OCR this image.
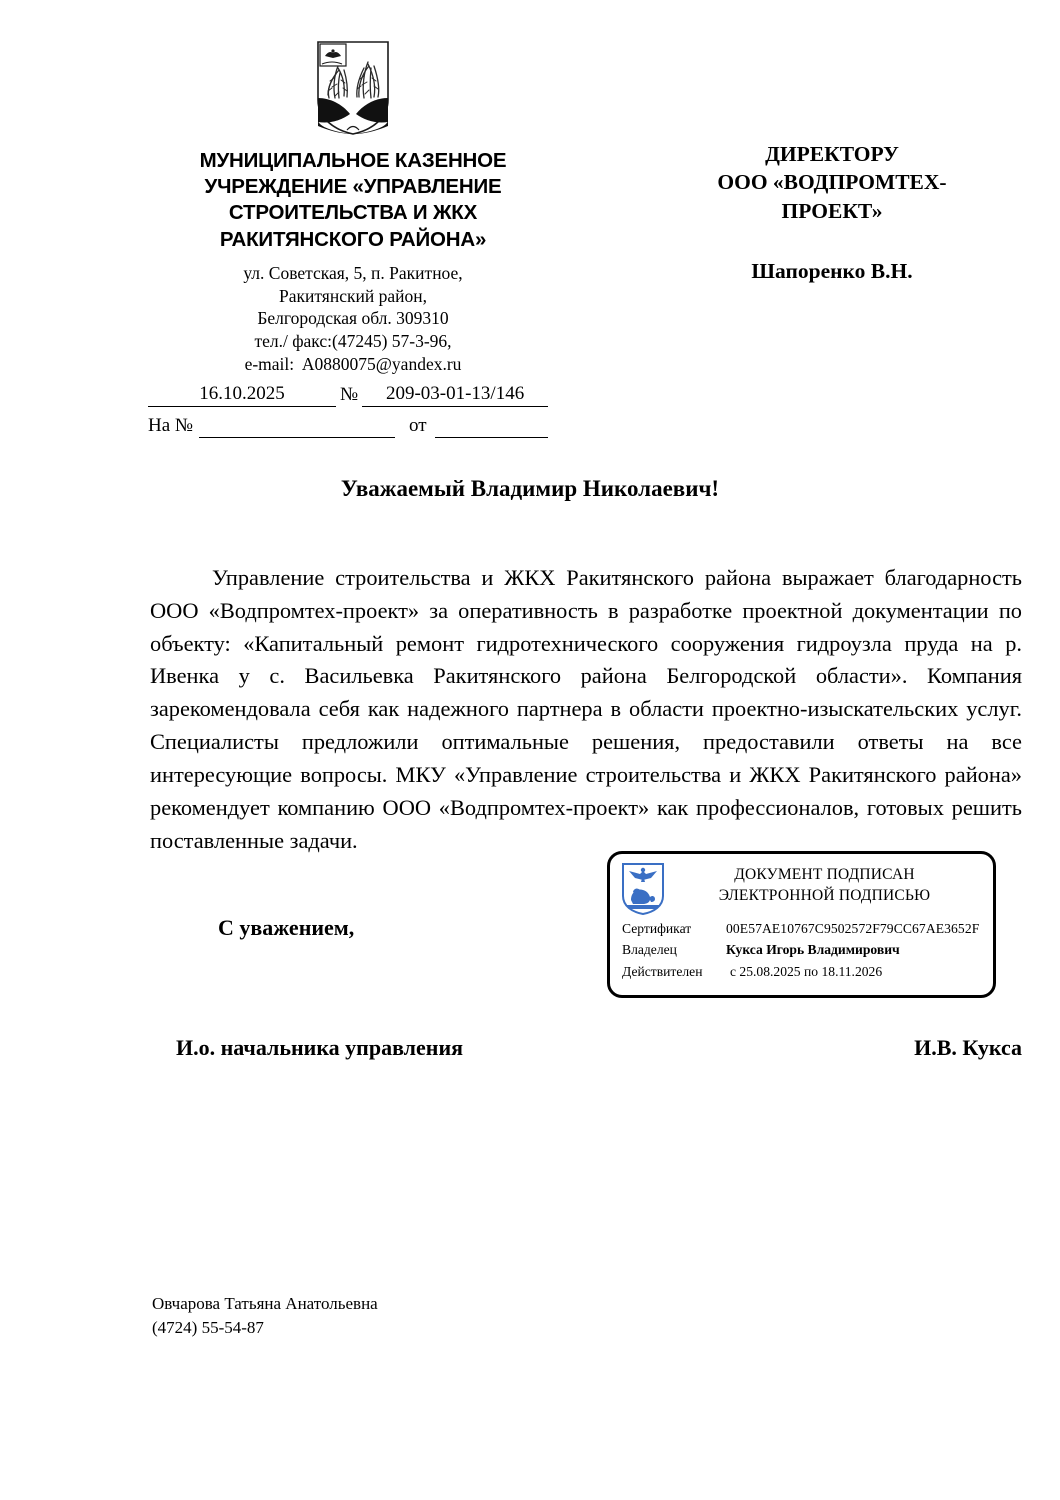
МУНИЦИПАЛЬНОЕ КАЗЕННОЕ УЧРЕЖДЕНИЕ «УПРАВЛЕНИЕ СТРОИТЕЛЬСТВА И ЖКХ РАКИТЯНСКОГО РАЙОНА»
ул. Советская, 5, п. Ракитное,
Ракитянский район,
Белгородская обл. 309310
тел./ факс:(47245) 57-3-96,
e-mail:  A0880075@yandex.ru
16.10.2025	№	209-03-01-13/146
На №
	от

ДИРЕКТОРУ
ООО «ВОДПРОМТЕХ-
ПРОЕКТ»
Шапоренко В.Н.
Уважаемый Владимир Николаевич!
Управление строительства и ЖКХ Ракитянского района выражает благодарность ООО «Водпромтех-проект» за оперативность в разработке проектной документации по объекту: «Капитальный ремонт гидротехнического сооружения гидроузла пруда на р. Ивенка у с. Васильевка Ракитянского района Белгородской области». Компания зарекомендовала себя как надежного партнера в области проектно-изыскательских услуг. Специалисты предложили оптимальные решения, предоставили ответы на все интересующие вопросы. МКУ «Управление строительства и ЖКХ Ракитянского района» рекомендует компанию ООО «Водпромтех-проект» как профессионалов, готовых решить поставленные задачи.
С уважением,
И.о. начальника управления	И.В. Кукса
ДОКУМЕНТ ПОДПИСАН
ЭЛЕКТРОННОЙ ПОДПИСЬЮ
Сертификат	00E57AE10767C9502572F79CC67AE3652F
Владелец	Кукса Игорь Владимирович
Действителен	с 25.08.2025 по 18.11.2026
Овчарова Татьяна Анатольевна
(4724) 55-54-87
